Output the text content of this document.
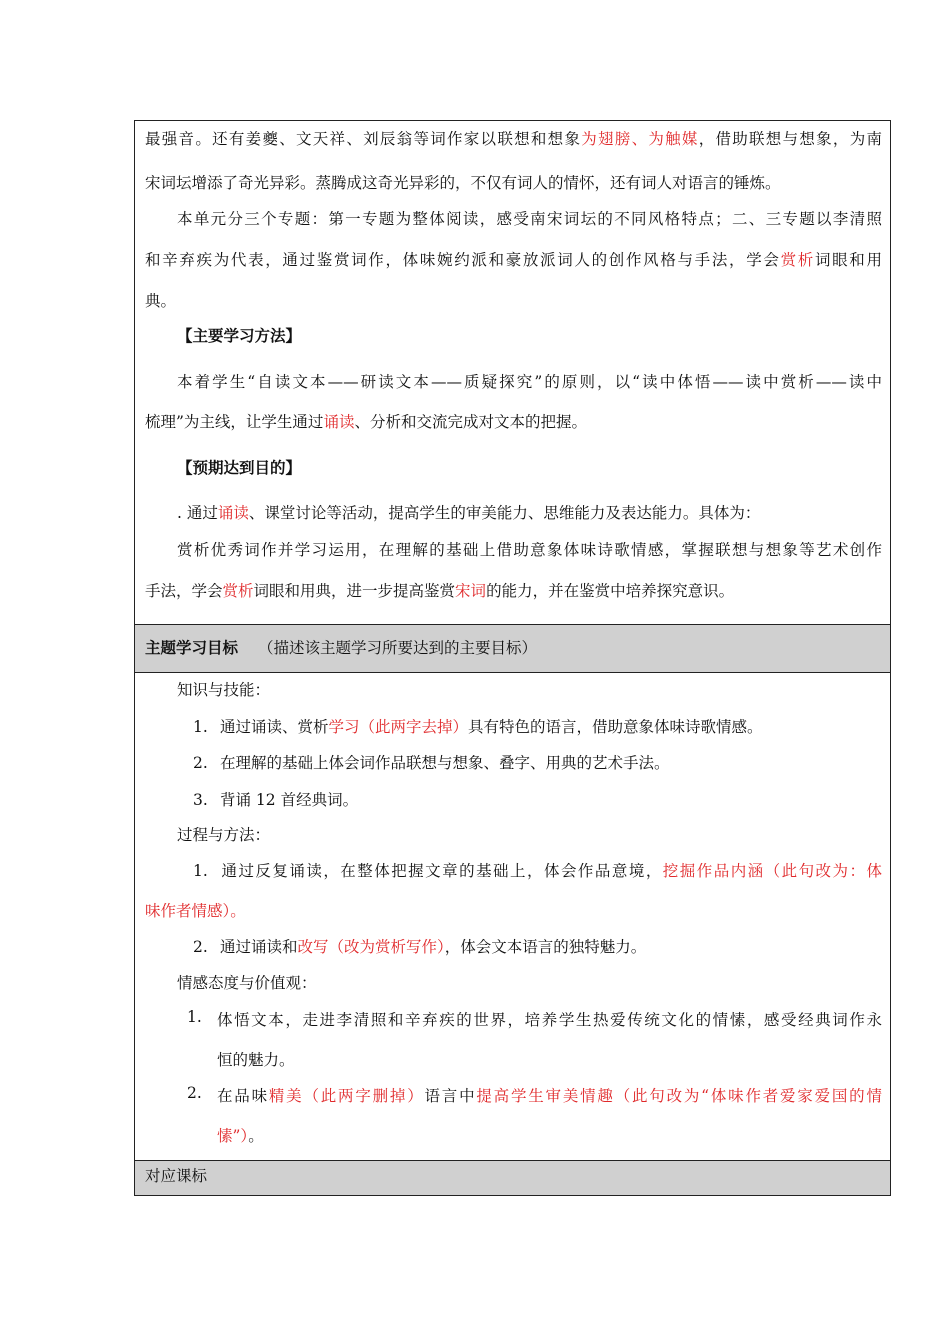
最强音。还有姜夔、文天祥、刘辰翁等词作家以联想和想象为翅膀、为触媒，借助联想与想象，为南
宋词坛增添了奇光异彩。蒸腾成这奇光异彩的，不仅有词人的情怀，还有词人对语言的锤炼。
本单元分三个专题：第一专题为整体阅读，感受南宋词坛的不同风格特点；二、三专题以李清照
和辛弃疾为代表，通过鉴赏词作，体味婉约派和豪放派词人的创作风格与手法，学会赏析词眼和用
典。
【主要学习方法】
本着学生“自读文本——研读文本——质疑探究”的原则，以“读中体悟——读中赏析——读中
梳理”为主线，让学生通过诵读、分析和交流完成对文本的把握。
【预期达到目的】
. 通过诵读、课堂讨论等活动，提高学生的审美能力、思维能力及表达能力。具体为：
赏析优秀词作并学习运用，在理解的基础上借助意象体味诗歌情感，掌握联想与想象等艺术创作
手法，学会赏析词眼和用典，进一步提高鉴赏宋词的能力，并在鉴赏中培养探究意识。
主题学习目标 （描述该主题学习所要达到的主要目标）
知识与技能：
1. 通过诵读、赏析学习（此两字去掉）具有特色的语言，借助意象体味诗歌情感。
2. 在理解的基础上体会词作品联想与想象、叠字、用典的艺术手法。
3. 背诵 12 首经典词。
过程与方法：
1. 通过反复诵读，在整体把握文章的基础上，体会作品意境，挖掘作品内涵（此句改为：体
味作者情感）。
2. 通过诵读和改写（改为赏析写作），体会文本语言的独特魅力。
情感态度与价值观：
1. 体悟文本，走进李清照和辛弃疾的世界，培养学生热爱传统文化的情愫，感受经典词作永
恒的魅力。
2. 在品味精美（此两字删掉）语言中提高学生审美情趣（此句改为“体味作者爱家爱国的情
愫”）。
对应课标
